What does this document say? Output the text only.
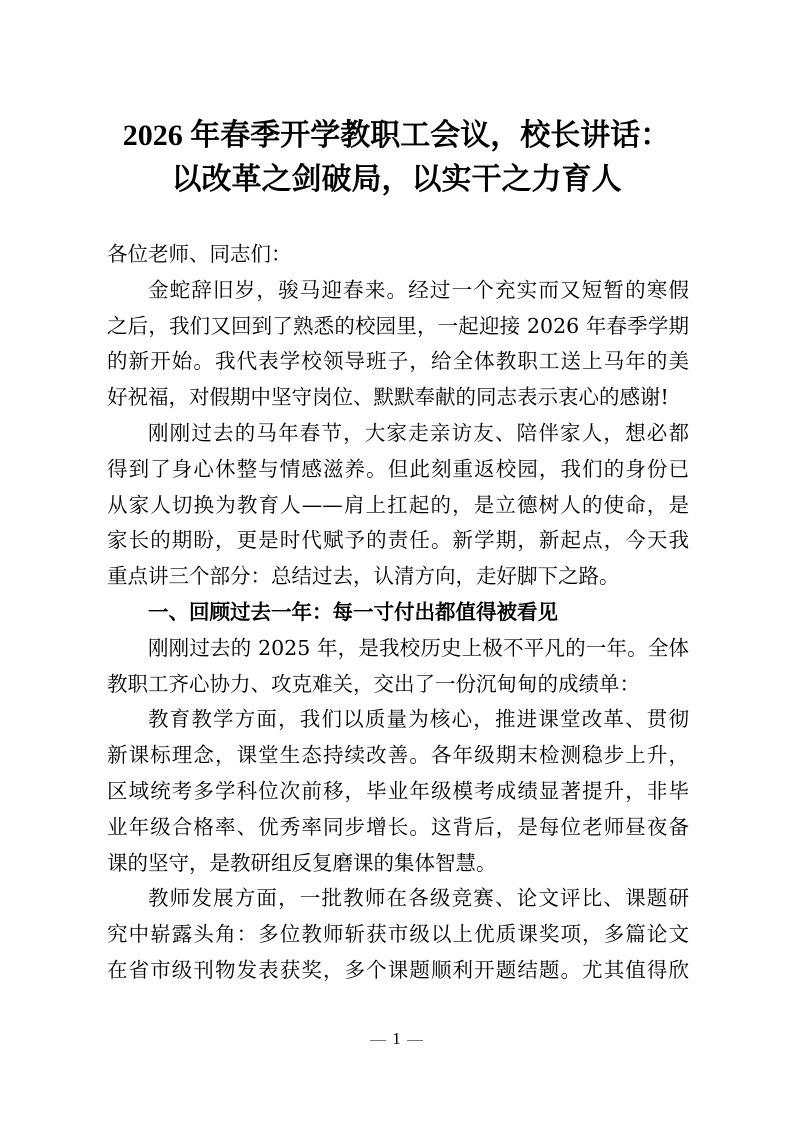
2026 年春季开学教职工会议，校长讲话：
以改革之剑破局，以实干之力育人
各位老师、同志们：
金蛇辞旧岁，骏马迎春来。经过一个充实而又短暂的寒假
之后，我们又回到了熟悉的校园里，一起迎接 2026 年春季学期
的新开始。我代表学校领导班子，给全体教职工送上马年的美
好祝福，对假期中坚守岗位、默默奉献的同志表示衷心的感谢!
刚刚过去的马年春节，大家走亲访友、陪伴家人，想必都
得到了身心休整与情感滋养。但此刻重返校园，我们的身份已
从家人切换为教育人——肩上扛起的，是立德树人的使命，是
家长的期盼，更是时代赋予的责任。新学期，新起点，今天我
重点讲三个部分：总结过去，认清方向，走好脚下之路。
一、回顾过去一年：每一寸付出都值得被看见
刚刚过去的 2025 年，是我校历史上极不平凡的一年。全体
教职工齐心协力、攻克难关，交出了一份沉甸甸的成绩单：
教育教学方面，我们以质量为核心，推进课堂改革、贯彻
新课标理念，课堂生态持续改善。各年级期末检测稳步上升，
区域统考多学科位次前移，毕业年级模考成绩显著提升，非毕
业年级合格率、优秀率同步增长。这背后，是每位老师昼夜备
课的坚守，是教研组反复磨课的集体智慧。
教师发展方面，一批教师在各级竞赛、论文评比、课题研
究中崭露头角：多位教师斩获市级以上优质课奖项，多篇论文
在省市级刊物发表获奖，多个课题顺利开题结题。尤其值得欣
1
